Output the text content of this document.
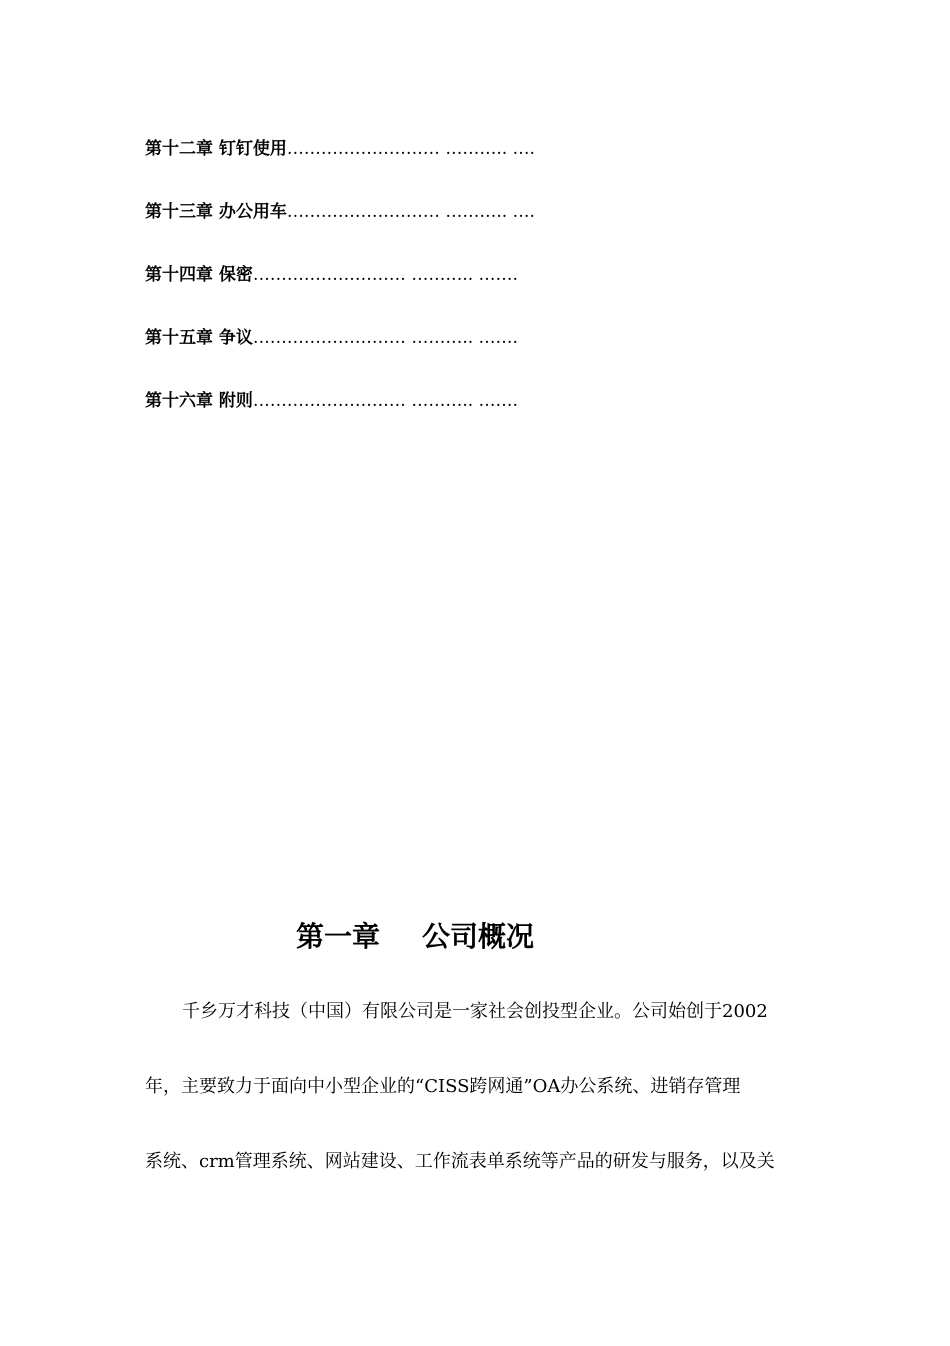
第十二章 钉钉使用……………………… ……….. ….
第十三章 办公用车……………………… ……….. ….
第十四章 保密……………………… ……….. …….
第十五章 争议……………………… ……….. …….
第十六章 附则……………………… ……….. …….
第一章 公司概况
千乡万才科技（中国）有限公司是一家社会创投型企业。公司始创于2002
年，主要致力于面向中小型企业的“CISS跨网通”OA办公系统、进销存管理
系统、crm管理系统、网站建设、工作流表单系统等产品的研发与服务，以及关
